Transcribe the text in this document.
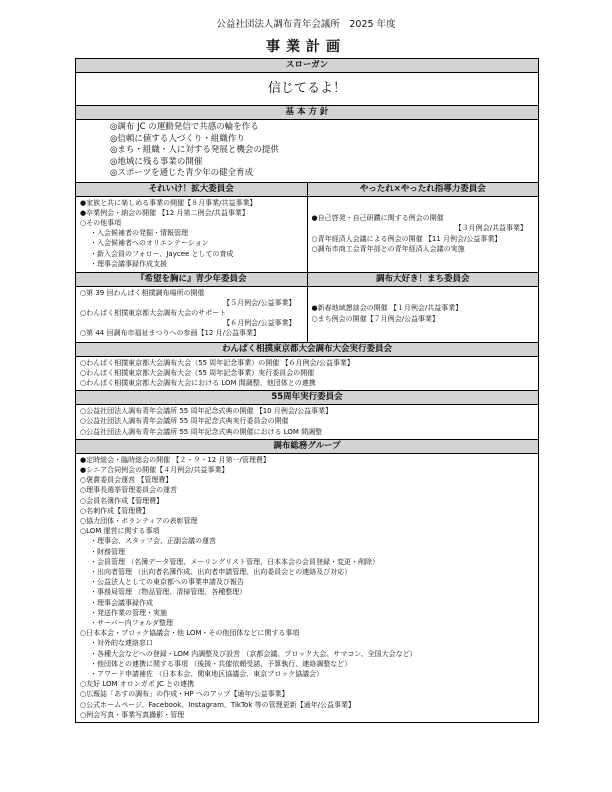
公益社団法人調布青年会議所　2025 年度
事業計画
スローガン
信じてるよ！
基 本 方 針
◎調布 JC の運動発信で共感の輪を作る
◎信頼に値する人づくり・組織作り
◎まち・組織・人に対する発展と機会の提供
◎地域に残る事業の開催
◎スポーツを通じた青少年の健全育成
それいけ！拡大委員会
●家族と共に楽しめる事業の開催【８月事業/共益事業】
●卒業例会・納会の開催 【12 月第二例会/共益事業】
○その他事項
・入会候補者の発掘・情報管理
・入会候補者へのオリエンテーション
・新入会員のフォロー、Jaycee としての育成
・理事会議事録作成支援
やったれ×やったれ指導力委員会
●自己啓発・自己研鑽に関する例会の開催
【３月例会/共益事業】
○青年経済人会議による例会の開催 【11 月例会/公益事業】
○調布市商工会青年部との青年経済人会議の実施
『希望を胸に』青少年委員会
○第 39 回わんぱく相撲調布場所の開催
【５月例会/公益事業】
○わんぱく相撲東京都大会調布大会のサポート
【６月例会/公益事業】
○第 44 回調布市福祉まつりへの参画【12 月/公益事業】
調布大好き！まち委員会
●新春地域懇談会の開催 【１月例会/共益事業】
○まち例会の開催【７月例会/公益事業】
わんぱく相撲東京都大会調布大会実行委員会
○わんぱく相撲東京都大会調布大会（55 周年記念事業）の開催 【６月例会/公益事業】
○わんぱく相撲東京都大会調布大会（55 周年記念事業）実行委員会の開催
○わんぱく相撲東京都大会調布大会における LOM 間調整、他団体との連携
55周年実行委員会
○公益社団法人調布青年会議所 55 周年記念式典の開催 【10 月例会/公益事業】
○公益社団法人調布青年会議所 55 周年記念式典実行委員会の開催
○公益社団法人調布青年会議所 55 周年記念式典の開催における LOM 間調整
調布総務グループ
●定時総会・臨時総会の開催 【２・９・12 月第一/管理費】
●シニア合同例会の開催【４月例会/共益事業】
○褒賞委員会運営 【管理費】
○理事長選挙管理委員会の運営
○会員名簿作成【管理費】
○名刺作成【管理費】
○協力団体・ボランティアの表彰管理
○LOM 運営に関する事項
・理事会、スタッフ会、正副会議の運営
・財務管理
・会員管理 （名簿データ管理、メーリングリスト管理、日本本会の会員登録・変更・削除）
・出向者管理 （出向者名簿作成、出向者申請管理、出向委員会との連絡及び対応）
・公益法人としての東京都への事業申請及び報告
・事務局管理 （物品管理、清掃管理、各種整理）
・理事会議事録作成
・発送作業の管理・実施
・サーバー内フォルダ整理
○日本本会・ブロック協議会・他 LOM・その他団体などに関する事項
・対外的な連絡窓口
・各種大会などへの登録・LOM 内調整及び設営 （京都会議、ブロック大会、サマコン、全国大会など）
・他団体との連携に関する事項 （後援・共催依頼受諾、予算執行、連絡調整など）
・アワード申請補佐 （日本本会、関東地区協議会、東京ブロック協議会）
○友好 LOM オロンガポ JC との連携
○広報誌「あすの調布」の作成・HP へのアップ【通年/公益事業】
○公式ホームページ、Facebook、Instagram、TikTok 等の管理更新【通年/公益事業】
○例会写真・事業写真撮影・管理
